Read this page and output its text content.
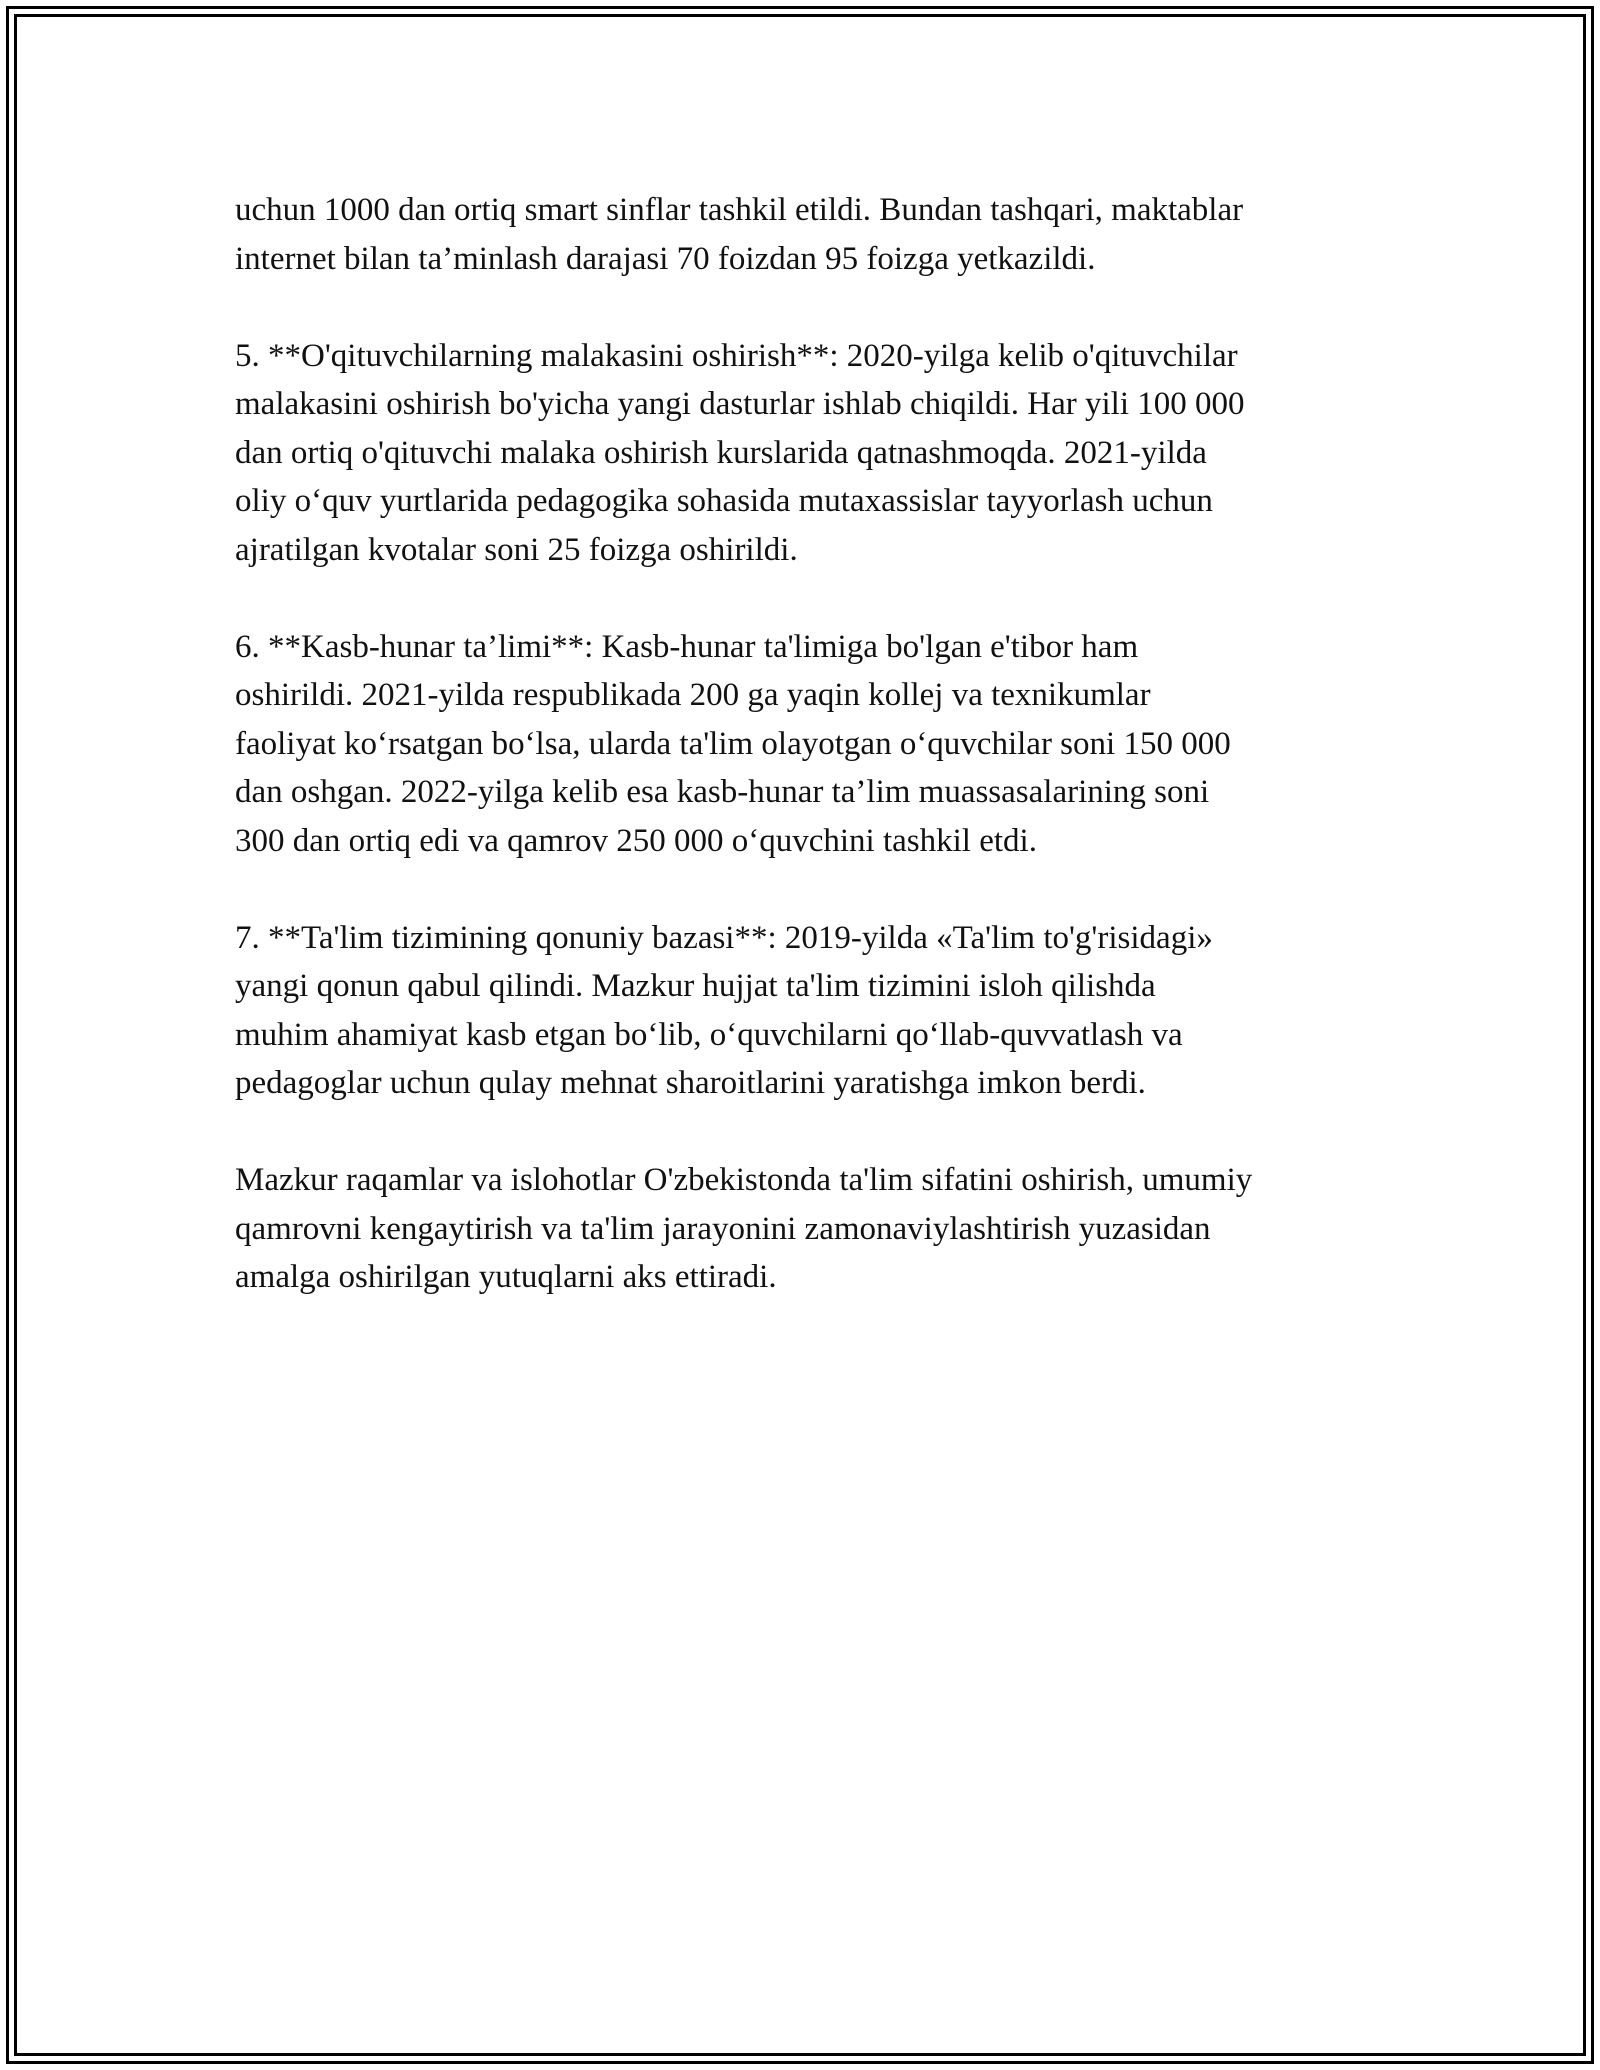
uchun 1000 dan ortiq smart sinflar tashkil etildi. Bundan tashqari, maktablar
internet bilan ta’minlash darajasi 70 foizdan 95 foizga yetkazildi.

5. **O'qituvchilarning malakasini oshirish**: 2020-yilga kelib o'qituvchilar
malakasini oshirish bo'yicha yangi dasturlar ishlab chiqildi. Har yili 100 000
dan ortiq o'qituvchi malaka oshirish kurslarida qatnashmoqda. 2021-yilda
oliy o‘quv yurtlarida pedagogika sohasida mutaxassislar tayyorlash uchun
ajratilgan kvotalar soni 25 foizga oshirildi.

6. **Kasb-hunar ta’limi**: Kasb-hunar ta'limiga bo'lgan e'tibor ham
oshirildi. 2021-yilda respublikada 200 ga yaqin kollej va texnikumlar
faoliyat ko‘rsatgan bo‘lsa, ularda ta'lim olayotgan o‘quvchilar soni 150 000
dan oshgan. 2022-yilga kelib esa kasb-hunar ta’lim muassasalarining soni
300 dan ortiq edi va qamrov 250 000 o‘quvchini tashkil etdi.

7. **Ta'lim tizimining qonuniy bazasi**: 2019-yilda «Ta'lim to'g'risidagi»
yangi qonun qabul qilindi. Mazkur hujjat ta'lim tizimini isloh qilishda
muhim ahamiyat kasb etgan bo‘lib, o‘quvchilarni qo‘llab-quvvatlash va
pedagoglar uchun qulay mehnat sharoitlarini yaratishga imkon berdi.

Mazkur raqamlar va islohotlar O'zbekistonda ta'lim sifatini oshirish, umumiy
qamrovni kengaytirish va ta'lim jarayonini zamonaviylashtirish yuzasidan
amalga oshirilgan yutuqlarni aks ettiradi.
